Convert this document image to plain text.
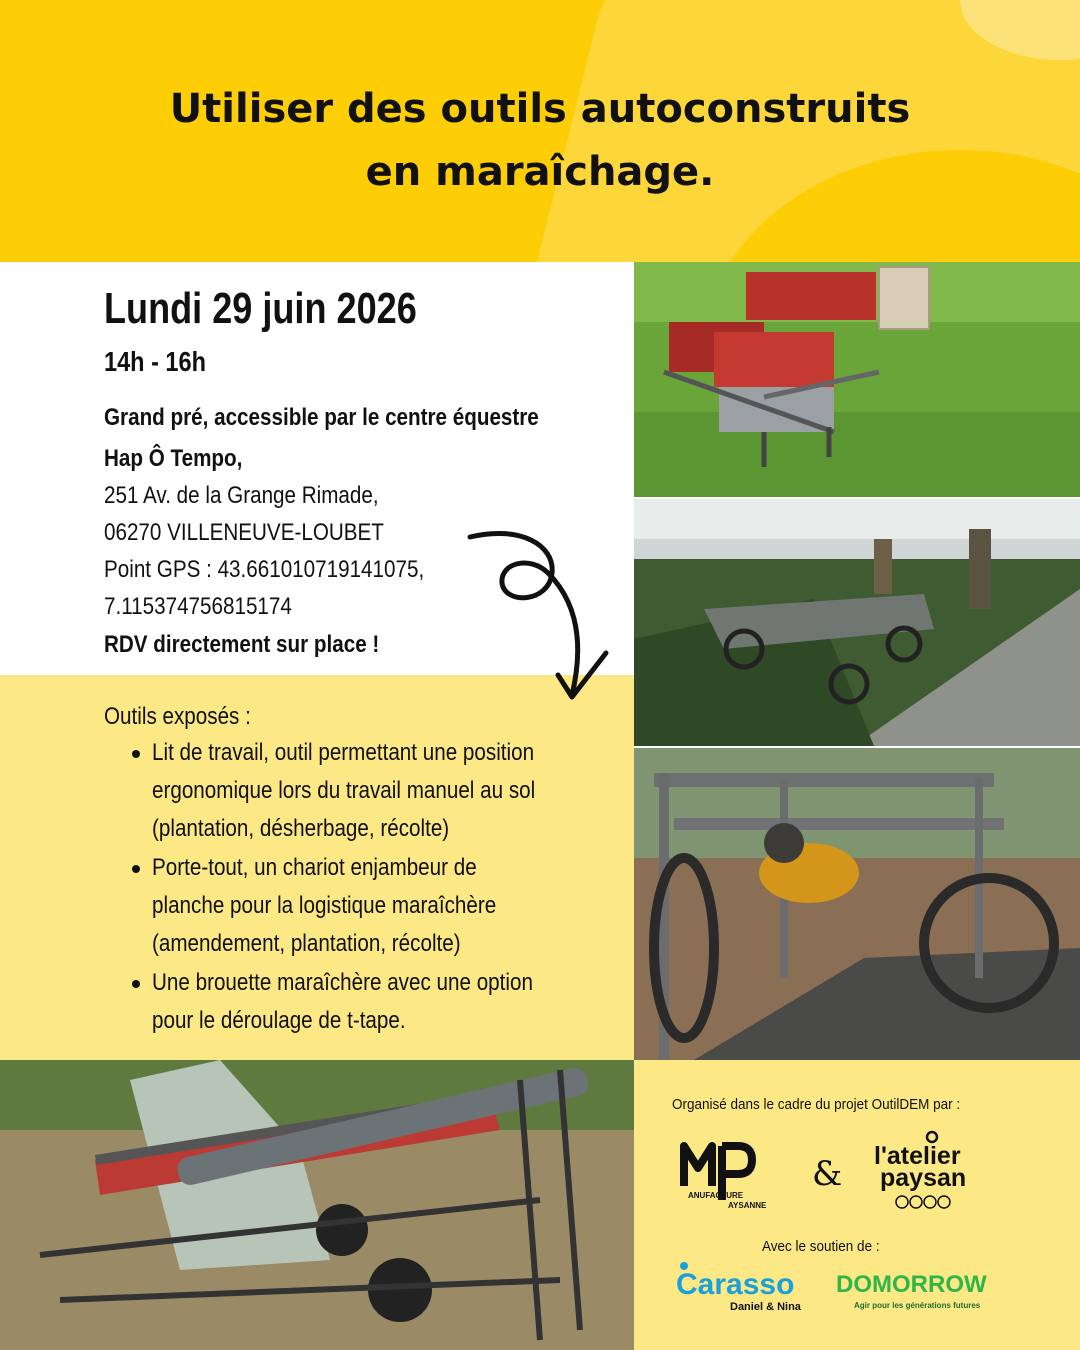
Utiliser des outils autoconstruits
en maraîchage.
Lundi 29 juin 2026
14h - 16h
Grand pré, accessible par le centre équestre
Hap Ô Tempo,
251 Av. de la Grange Rimade,
06270 VILLENEUVE-LOUBET
Point GPS : 43.661010719141075,
7.115374756815174
RDV directement sur place !
Outils exposés :
Lit de travail, outil permettant une position
ergonomique lors du travail manuel au sol
(plantation, désherbage, récolte)
Porte-tout, un chariot enjambeur de
planche pour la logistique maraîchère
(amendement, plantation, récolte)
Une brouette maraîchère avec une option
pour le déroulage de t-tape.
Organisé dans le cadre du projet OutilDEM par :
ANUFACTURE
AYSANNE
& l'atelier
paysan
Avec le soutien de :
Carasso
Daniel & Nina
DOMORROW
Agir pour les générations futures
